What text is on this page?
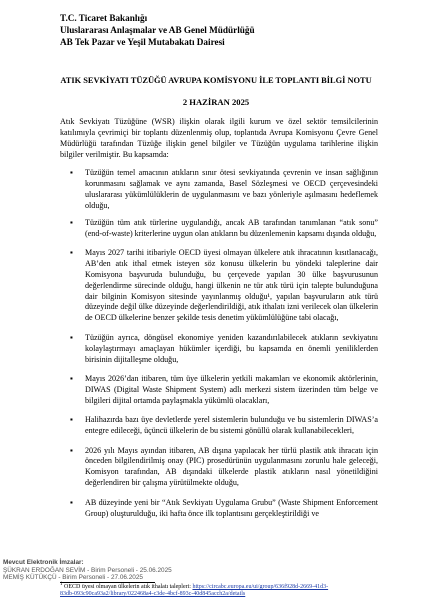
T.C. Ticaret Bakanlığı
Uluslararası Anlaşmalar ve AB Genel Müdürlüğü
AB Tek Pazar ve Yeşil Mutabakatı Dairesi
ATIK SEVKİYATI TÜZÜĞÜ AVRUPA KOMİSYONU İLE TOPLANTI BİLGİ NOTU
2 HAZİRAN 2025

Atık Sevkiyatı Tüzüğüne (WSR) ilişkin olarak ilgili kurum ve özel sektör temsilcilerinin katılımıyla çevrimiçi bir toplantı düzenlenmiş olup, toplantıda Avrupa Komisyonu Çevre Genel Müdürlüğü tarafından Tüzüğe ilişkin genel bilgiler ve Tüzüğün uygulama tarihlerine ilişkin bilgiler verilmiştir. Bu kapsamda:

▪ Tüzüğün temel amacının atıkların sınır ötesi sevkiyatında çevrenin ve insan sağlığının korunmasını sağlamak ve aynı zamanda, Basel Sözleşmesi ve OECD çerçevesindeki uluslararası yükümlülüklerin de uygulanmasını ve bazı yönleriyle aşılmasını hedeflemek olduğu,
▪ Tüzüğün tüm atık türlerine uygulandığı, ancak AB tarafından tanımlanan “atık sonu” (end-of-waste) kriterlerine uygun olan atıkların bu düzenlemenin kapsamı dışında olduğu,
▪ Mayıs 2027 tarihi itibariyle OECD üyesi olmayan ülkelere atık ihracatının kısıtlanacağı, AB’den atık ithal etmek isteyen söz konusu ülkelerin bu yöndeki taleplerine dair Komisyona başvuruda bulunduğu, bu çerçevede yapılan 30 ülke başvurusunun değerlendirme sürecinde olduğu, hangi ülkenin ne tür atık türü için talepte bulunduğuna dair bilginin Komisyon sitesinde yayınlanmış olduğu¹, yapılan başvuruların atık türü düzeyinde değil ülke düzeyinde değerlendirildiği, atık ithalatı izni verilecek olan ülkelerin de OECD ülkelerine benzer şekilde tesis denetim yükümlülüğüne tabi olacağı,
▪ Tüzüğün ayrıca, döngüsel ekonomiye yeniden kazandırılabilecek atıkların sevkiyatını kolaylaştırmayı amaçlayan hükümler içerdiği, bu kapsamda en önemli yeniliklerden birisinin dijitalleşme olduğu,
▪ Mayıs 2026’dan itibaren, tüm üye ülkelerin yetkili makamları ve ekonomik aktörlerinin, DIWAS (Digital Waste Shipment System) adlı merkezi sistem üzerinden tüm belge ve bilgileri dijital ortamda paylaşmakla yükümlü olacakları,
▪ Halihazırda bazı üye devletlerde yerel sistemlerin bulunduğu ve bu sistemlerin DIWAS’a entegre edileceği, üçüncü ülkelerin de bu sistemi gönüllü olarak kullanabilecekleri,
▪ 2026 yılı Mayıs ayından itibaren, AB dışına yapılacak her türlü plastik atık ihracatı için önceden bilgilendirilmiş onay (PIC) prosedürünün uygulanmasını zorunlu hale geleceği, Komisyon tarafından, AB dışındaki ülkelerde plastik atıkların nasıl yönetildiğini değerlendiren bir çalışma yürütülmekte olduğu,
▪ AB düzeyinde yeni bir “Atık Sevkiyatı Uygulama Grubu” (Waste Shipment Enforcement Group) oluşturulduğu, iki hafta önce ilk toplantısını gerçekleştirildiği ve
Mevcut Elektronik İmzalar:
ŞÜKRAN ERDOĞAN SEVİM - Birim Personeli - 25.06.2025
MEMİŞ KÜTÜKÇÜ - Birim Personeli - 27.06.2025
$^1$ OECD üyesi olmayan ülkelerin atık ithalatı talepleri: https://circabc.europa.eu/ui/group/636f928d-2669-41d3-
83db-093c90ca93a2/library/022468a4-c3de-4bcf-893c-40d845acch2a/details
